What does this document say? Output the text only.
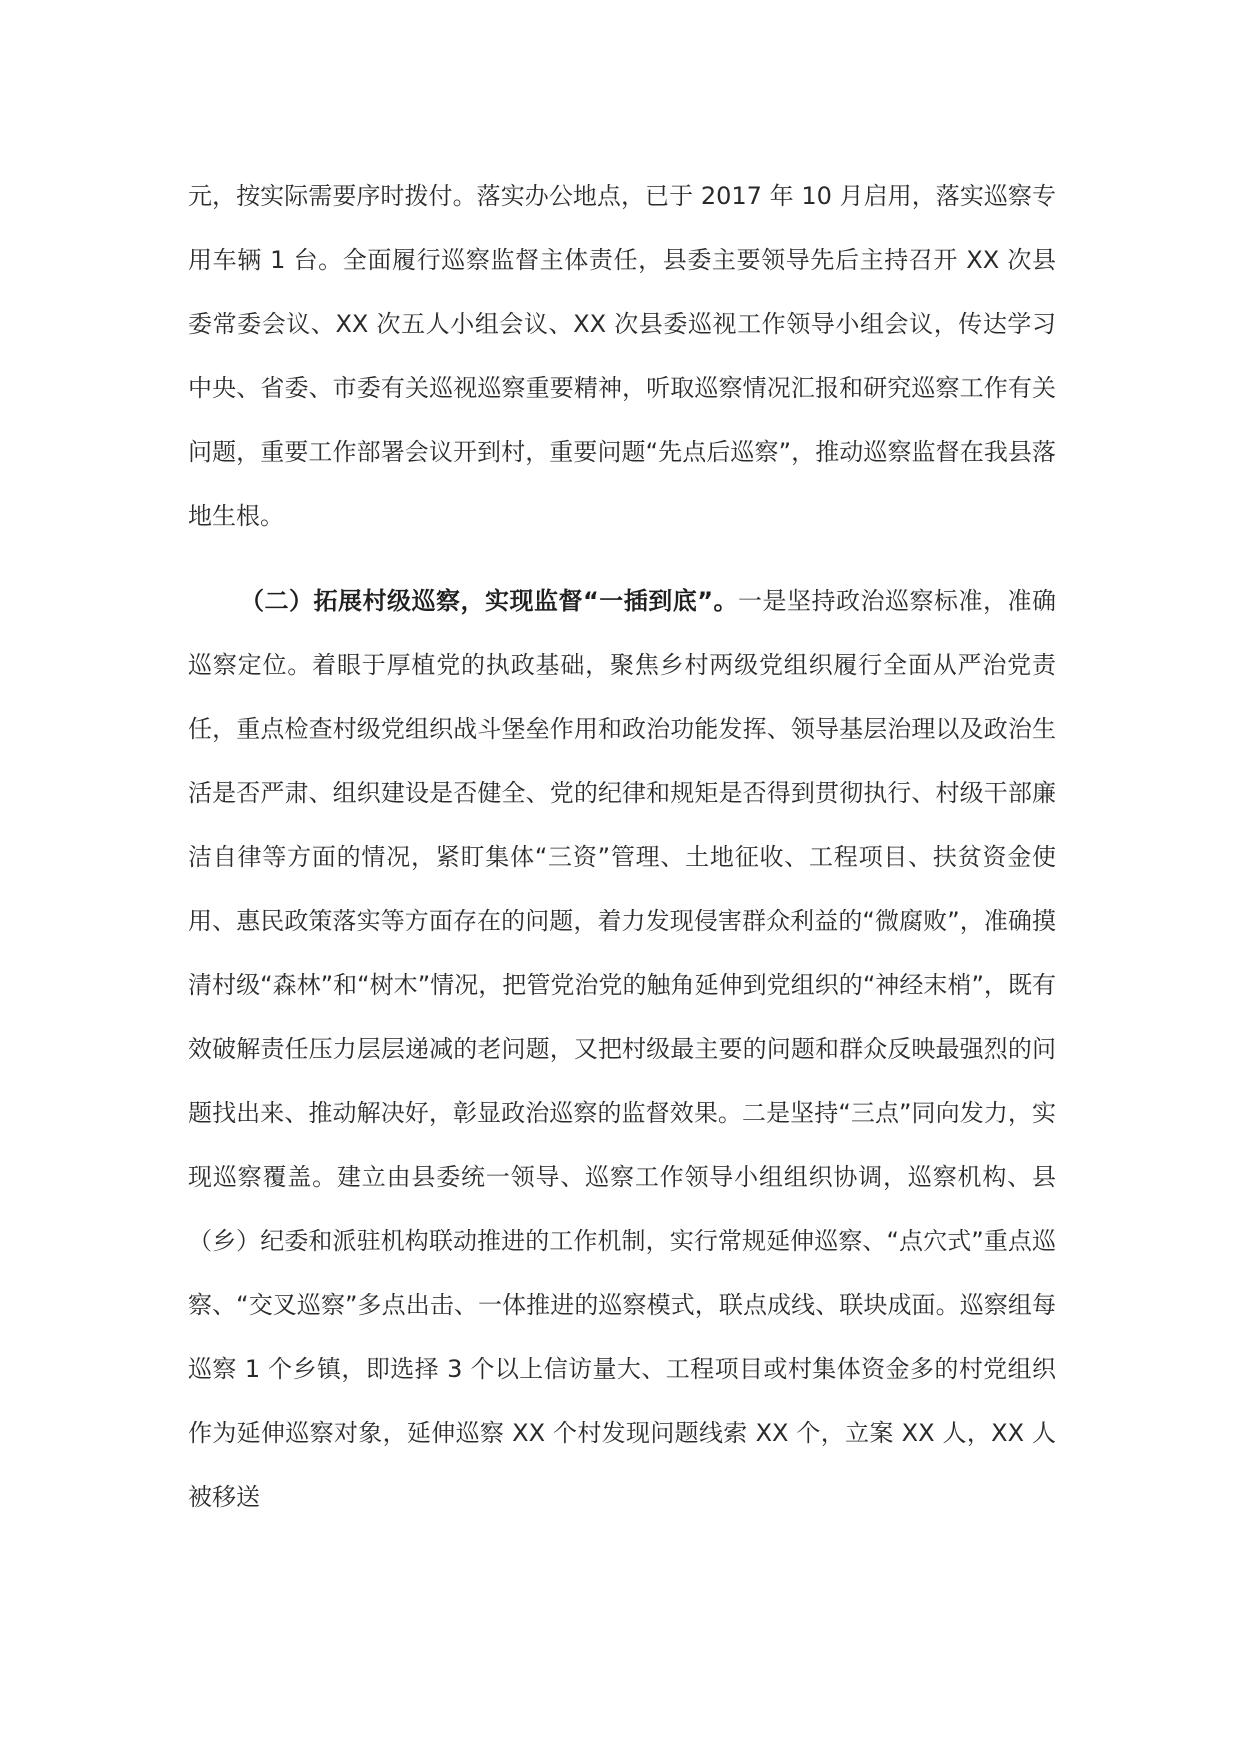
元，按实际需要序时拨付。落实办公地点，已于 2017 年 10 月启用，落实巡察专用车辆 1 台。全面履行巡察监督主体责任，县委主要领导先后主持召开 XX 次县委常委会议、XX 次五人小组会议、XX 次县委巡视工作领导小组会议，传达学习中央、省委、市委有关巡视巡察重要精神，听取巡察情况汇报和研究巡察工作有关问题，重要工作部署会议开到村，重要问题“先点后巡察”，推动巡察监督在我县落地生根。

（二）拓展村级巡察，实现监督“一插到底”。一是坚持政治巡察标准，准确巡察定位。着眼于厚植党的执政基础，聚焦乡村两级党组织履行全面从严治党责任，重点检查村级党组织战斗堡垒作用和政治功能发挥、领导基层治理以及政治生活是否严肃、组织建设是否健全、党的纪律和规矩是否得到贯彻执行、村级干部廉洁自律等方面的情况，紧盯集体“三资”管理、土地征收、工程项目、扶贫资金使用、惠民政策落实等方面存在的问题，着力发现侵害群众利益的“微腐败”，准确摸清村级“森林”和“树木”情况，把管党治党的触角延伸到党组织的“神经末梢”，既有效破解责任压力层层递减的老问题，又把村级最主要的问题和群众反映最强烈的问题找出来、推动解决好，彰显政治巡察的监督效果。二是坚持“三点”同向发力，实现巡察覆盖。建立由县委统一领导、巡察工作领导小组组织协调，巡察机构、县（乡）纪委和派驻机构联动推进的工作机制，实行常规延伸巡察、“点穴式”重点巡察、“交叉巡察”多点出击、一体推进的巡察模式，联点成线、联块成面。巡察组每巡察 1 个乡镇，即选择 3 个以上信访量大、工程项目或村集体资金多的村党组织作为延伸巡察对象，延伸巡察 XX 个村发现问题线索 XX 个，立案 XX 人，XX 人被移送
